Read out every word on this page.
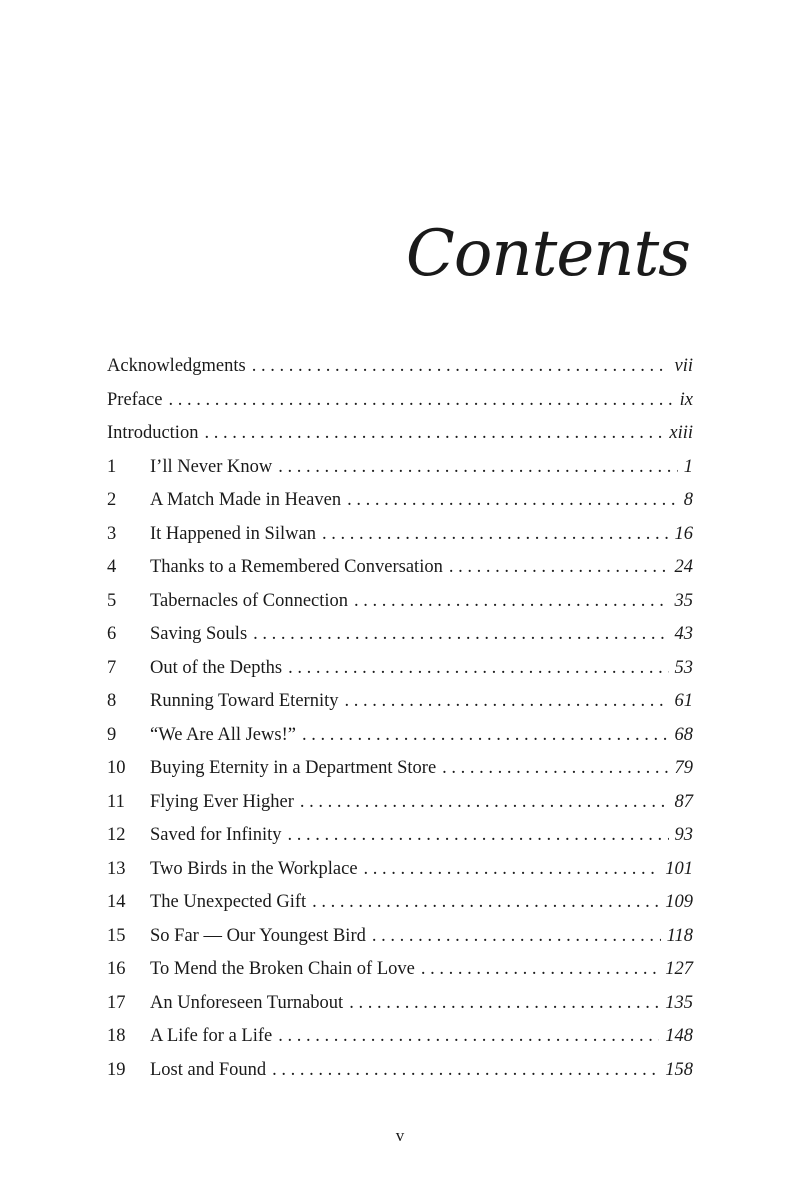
Contents
Acknowledgments . . .	vii
Preface . . .	ix
Introduction . . .	xiii
1	I’ll Never Know . . .	1
2	A Match Made in Heaven . . .	8
3	It Happened in Silwan . . .	16
4	Thanks to a Remembered Conversation . . .	24
5	Tabernacles of Connection . . .	35
6	Saving Souls . . .	43
7	Out of the Depths . . .	53
8	Running Toward Eternity . . .	61
9	“We Are All Jews!” . . .	68
10	Buying Eternity in a Department Store . . .	79
11	Flying Ever Higher . . .	87
12	Saved for Infinity . . .	93
13	Two Birds in the Workplace . . .	101
14	The Unexpected Gift . . .	109
15	So Far — Our Youngest Bird . . .	118
16	To Mend the Broken Chain of Love . . .	127
17	An Unforeseen Turnabout . . .	135
18	A Life for a Life . . .	148
19	Lost and Found . . .	158
v
